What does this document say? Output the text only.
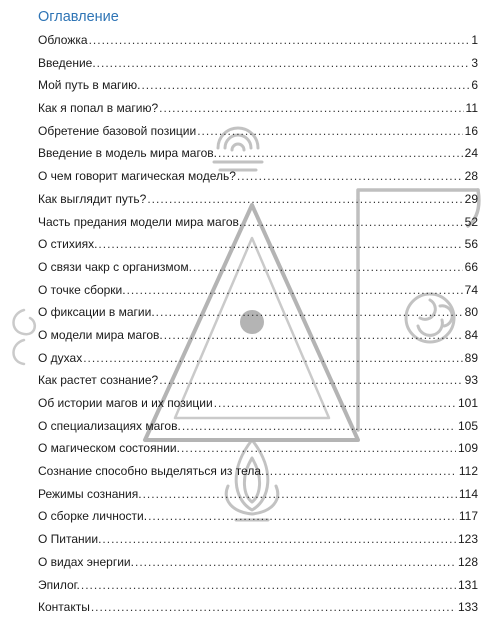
Оглавление
Обложка .....	1
Введение. .....	3
Мой путь в магию. .....	6
Как я попал в магию? .....	11
Обретение базовой позиции .....	16
Введение в модель мира магов. .....	24
О чем говорит магическая модель? .....	28
Как выглядит путь? .....	29
Часть предания модели мира магов. .....	52
О стихиях. .....	56
О связи чакр с организмом. .....	66
О точке сборки. .....	74
О фиксации в магии. .....	80
О модели мира магов. .....	84
О духах .....	89
Как растет сознание? .....	93
Об истории магов и их позиции .....	101
О специализациях магов. .....	105
О магическом состоянии. .....	109
Сознание способно выделяться из тела. .....	112
Режимы сознания. .....	114
О сборке личности. .....	117
О Питании. .....	123
О видах энергии. .....	128
Эпилог. .....	131
Контакты .....	133
